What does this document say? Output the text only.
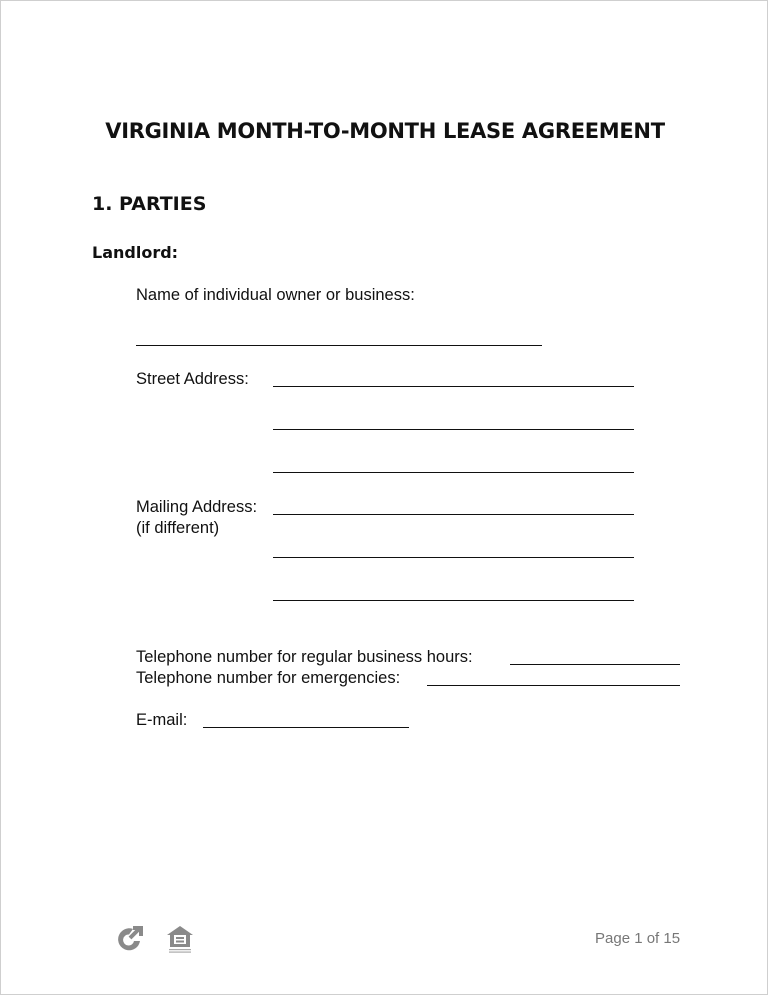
VIRGINIA MONTH-TO-MONTH LEASE AGREEMENT
1. PARTIES
Landlord:
Name of individual owner or business:
Street Address:
Mailing Address:
(if different)
Telephone number for regular business hours:
Telephone number for emergencies:
E-mail:
Page 1 of 15
